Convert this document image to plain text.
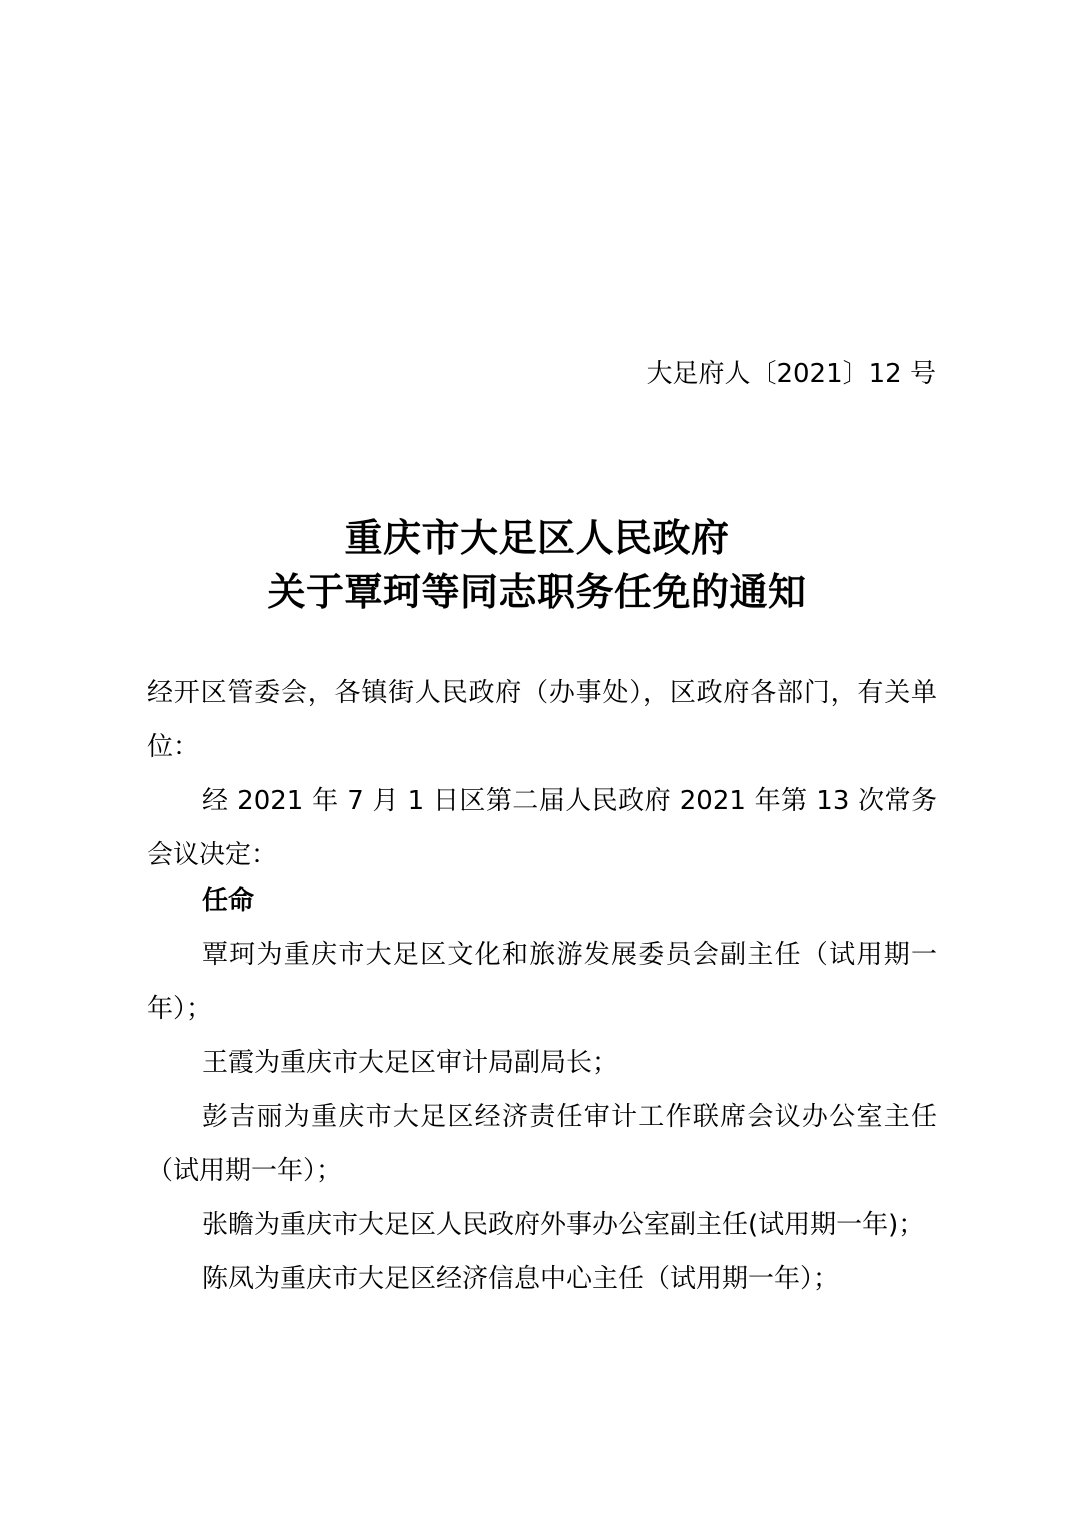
大足府人〔2021〕12 号
重庆市大足区人民政府
关于覃珂等同志职务任免的通知

经开区管委会，各镇街人民政府（办事处），区政府各部门，有关单位：

经 2021 年 7 月 1 日区第二届人民政府 2021 年第 13 次常务会议决定：

任命

覃珂为重庆市大足区文化和旅游发展委员会副主任（试用期一年）；

王霞为重庆市大足区审计局副局长；

彭吉丽为重庆市大足区经济责任审计工作联席会议办公室主任（试用期一年）；

张瞻为重庆市大足区人民政府外事办公室副主任(试用期一年)；

陈凤为重庆市大足区经济信息中心主任（试用期一年）；
